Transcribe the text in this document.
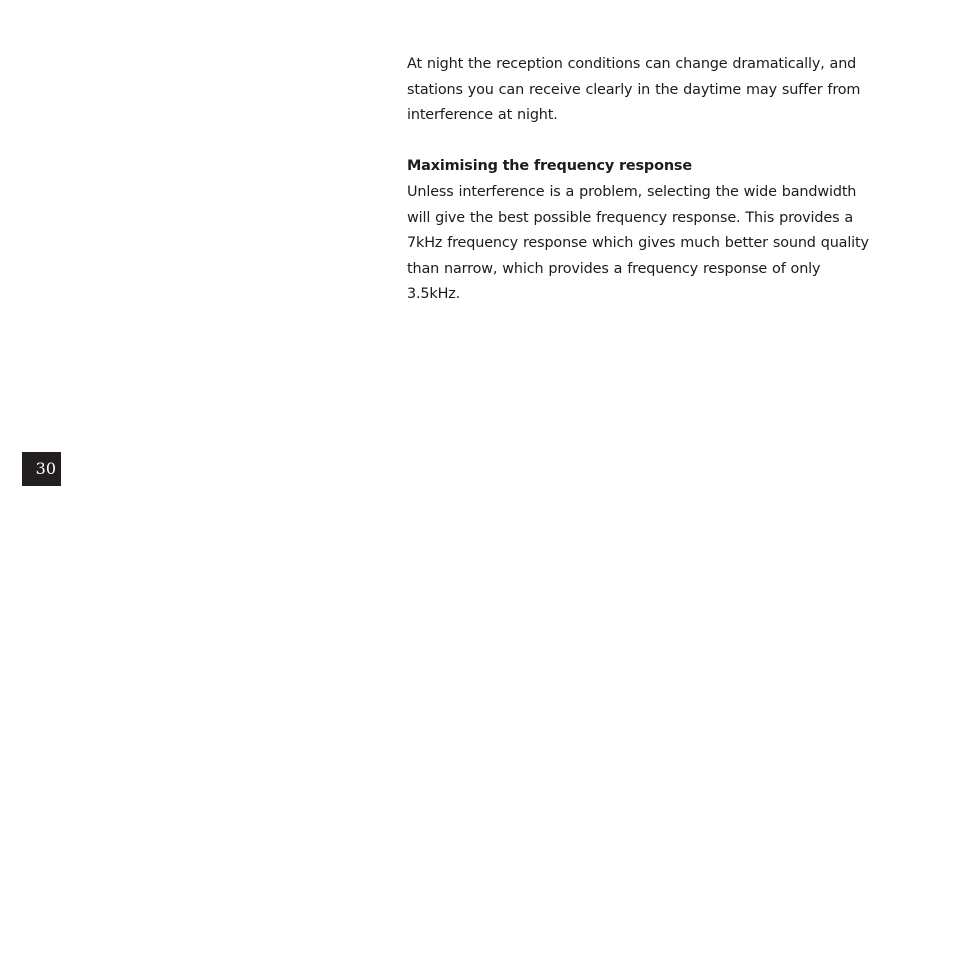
At night the reception conditions can change dramatically, and stations you can receive clearly in the daytime may suffer from interference at night.

Maximising the frequency response

Unless interference is a problem, selecting the wide bandwidth will give the best possible frequency response. This provides a 7kHz frequency response which gives much better sound quality than narrow, which provides a frequency response of only 3.5kHz.

30
